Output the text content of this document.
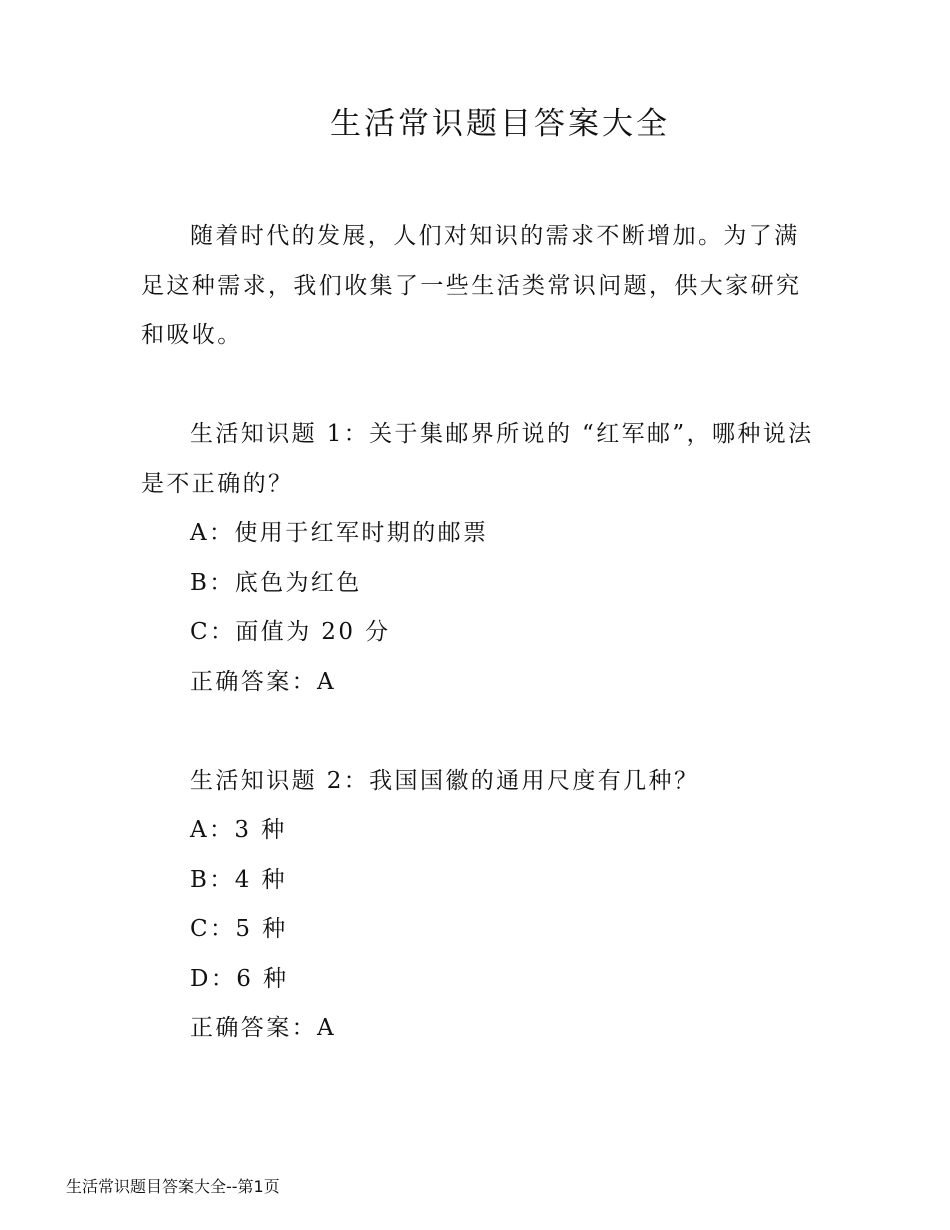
生活常识题目答案大全

随着时代的发展，人们对知识的需求不断增加。为了满足这种需求，我们收集了一些生活类常识问题，供大家研究和吸收。

生活知识题 1：关于集邮界所说的 “红军邮”，哪种说法是不正确的？

A：使用于红军时期的邮票

B：底色为红色

C：面值为 20 分

正确答案：A

生活知识题 2：我国国徽的通用尺度有几种？

A：3 种

B：4 种

C：5 种

D：6 种

正确答案：A

生活常识题目答案大全--第1页
